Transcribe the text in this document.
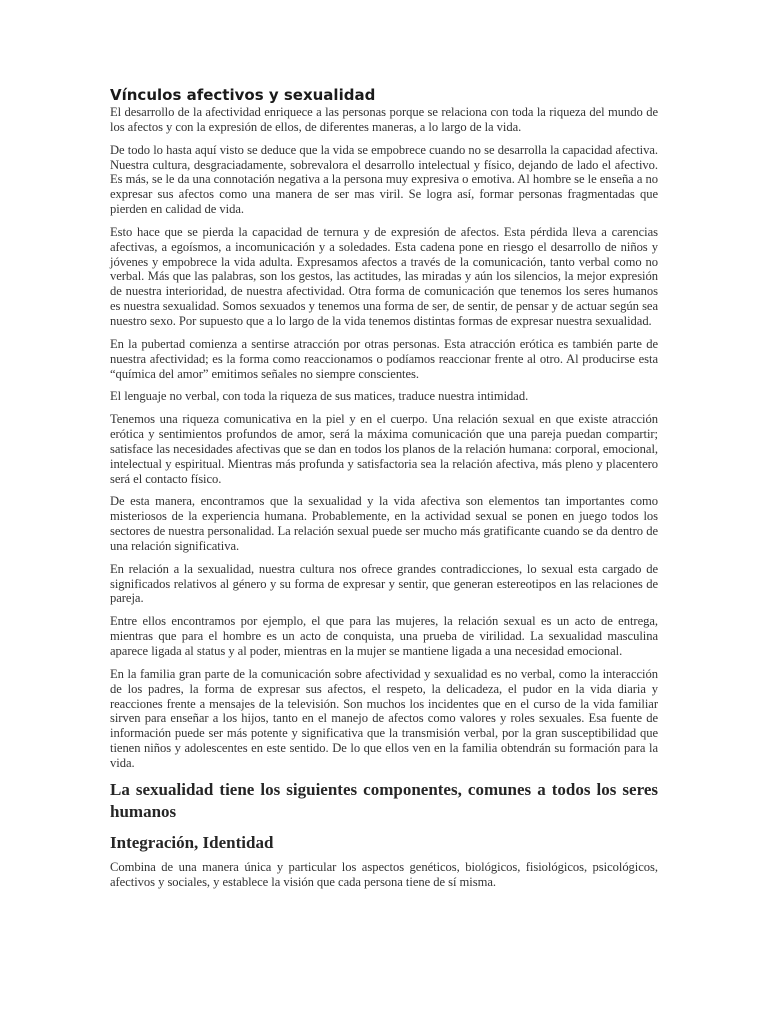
Vínculos afectivos y sexualidad

El desarrollo de la afectividad enriquece a las personas porque se relaciona con toda la riqueza del mundo de los afectos y con la expresión de ellos, de diferentes maneras, a lo largo de la vida.

De todo lo hasta aquí visto se deduce que la vida se empobrece cuando no se desarrolla la capacidad afectiva. Nuestra cultura, desgraciadamente, sobrevalora el desarrollo intelectual y físico, dejando de lado el afectivo. Es más, se le da una connotación negativa a la persona muy expresiva o emotiva. Al hombre se le enseña a no expresar sus afectos como una manera de ser mas viril. Se logra así, formar personas fragmentadas que pierden en calidad de vida.

Esto hace que se pierda la capacidad de ternura y de expresión de afectos. Esta pérdida lleva a carencias afectivas, a egoísmos, a incomunicación y a soledades. Esta cadena pone en riesgo el desarrollo de niños y jóvenes y empobrece la vida adulta. Expresamos afectos a través de la comunicación, tanto verbal como no verbal. Más que las palabras, son los gestos, las actitudes, las miradas y aún los silencios, la mejor expresión de nuestra interioridad, de nuestra afectividad. Otra forma de comunicación que tenemos los seres humanos es nuestra sexualidad. Somos sexuados y tenemos una forma de ser, de sentir, de pensar y de actuar según sea nuestro sexo. Por supuesto que a lo largo de la vida tenemos distintas formas de expresar nuestra sexualidad.

En la pubertad comienza a sentirse atracción por otras personas. Esta atracción erótica es también parte de nuestra afectividad; es la forma como reaccionamos o podíamos reaccionar frente al otro. Al producirse esta “química del amor” emitimos señales no siempre conscientes.

El lenguaje no verbal, con toda la riqueza de sus matices, traduce nuestra intimidad.

Tenemos una riqueza comunicativa en la piel y en el cuerpo. Una relación sexual en que existe atracción erótica y sentimientos profundos de amor, será la máxima comunicación que una pareja puedan compartir; satisface las necesidades afectivas que se dan en todos los planos de la relación humana: corporal, emocional, intelectual y espiritual. Mientras más profunda y satisfactoria sea la relación afectiva, más pleno y placentero será el contacto físico.

De esta manera, encontramos que la sexualidad y la vida afectiva son elementos tan importantes como misteriosos de la experiencia humana. Probablemente, en la actividad sexual se ponen en juego todos los sectores de nuestra personalidad. La relación sexual puede ser mucho más gratificante cuando se da dentro de una relación significativa.

En relación a la sexualidad, nuestra cultura nos ofrece grandes contradicciones, lo sexual esta cargado de significados relativos al género y su forma de expresar y sentir, que generan estereotipos en las relaciones de pareja.

Entre ellos encontramos por ejemplo, el que para las mujeres, la relación sexual es un acto de entrega, mientras que para el hombre es un acto de conquista, una prueba de virilidad. La sexualidad masculina aparece ligada al status y al poder, mientras en la mujer se mantiene ligada a una necesidad emocional.

En la familia gran parte de la comunicación sobre afectividad y sexualidad es no verbal, como la interacción de los padres, la forma de expresar sus afectos, el respeto, la delicadeza, el pudor en la vida diaria y reacciones frente a mensajes de la televisión. Son muchos los incidentes que en el curso de la vida familiar sirven para enseñar a los hijos, tanto en el manejo de afectos como valores y roles sexuales. Esa fuente de información puede ser más potente y significativa que la transmisión verbal, por la gran susceptibilidad que tienen niños y adolescentes en este sentido. De lo que ellos ven en la familia obtendrán su formación para la vida.

La sexualidad tiene los siguientes componentes, comunes a todos los seres humanos
Integración, Identidad

Combina de una manera única y particular los aspectos genéticos, biológicos, fisiológicos, psicológicos, afectivos y sociales, y establece la visión que cada persona tiene de sí misma.
